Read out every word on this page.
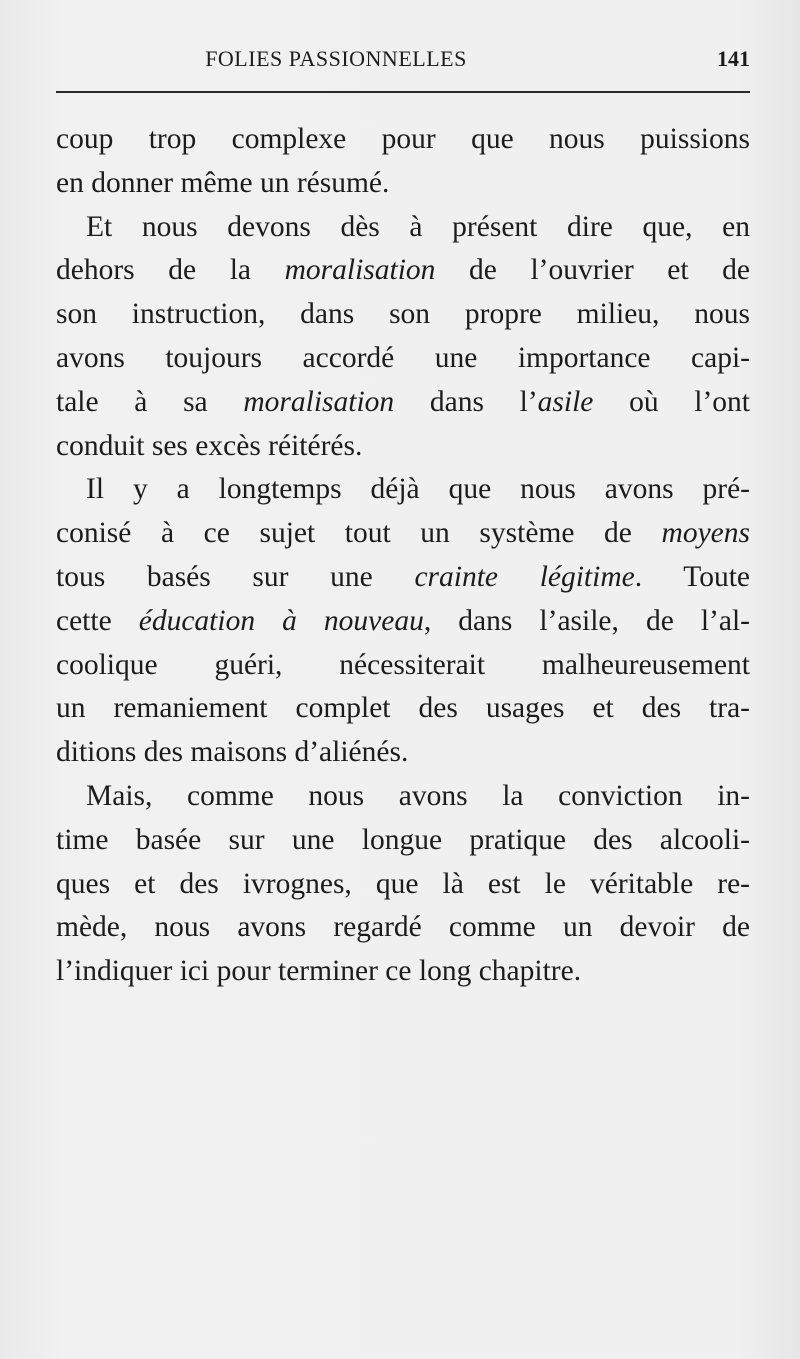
FOLIES PASSIONNELLES	141
coup trop complexe pour que nous puissions
en donner même un résumé.
Et nous devons dès à présent dire que, en
dehors de la moralisation de l’ouvrier et de
son instruction, dans son propre milieu, nous
avons toujours accordé une importance capi-
tale à sa moralisation dans l’asile où l’ont
conduit ses excès réitérés.
Il y a longtemps déjà que nous avons pré-
conisé à ce sujet tout un système de moyens
tous basés sur une crainte légitime. Toute
cette éducation à nouveau, dans l’asile, de l’al-
coolique guéri, nécessiterait malheureusement
un remaniement complet des usages et des tra-
ditions des maisons d’aliénés.
Mais, comme nous avons la conviction in-
time basée sur une longue pratique des alcooli-
ques et des ivrognes, que là est le véritable re-
mède, nous avons regardé comme un devoir de
l’indiquer ici pour terminer ce long chapitre.
